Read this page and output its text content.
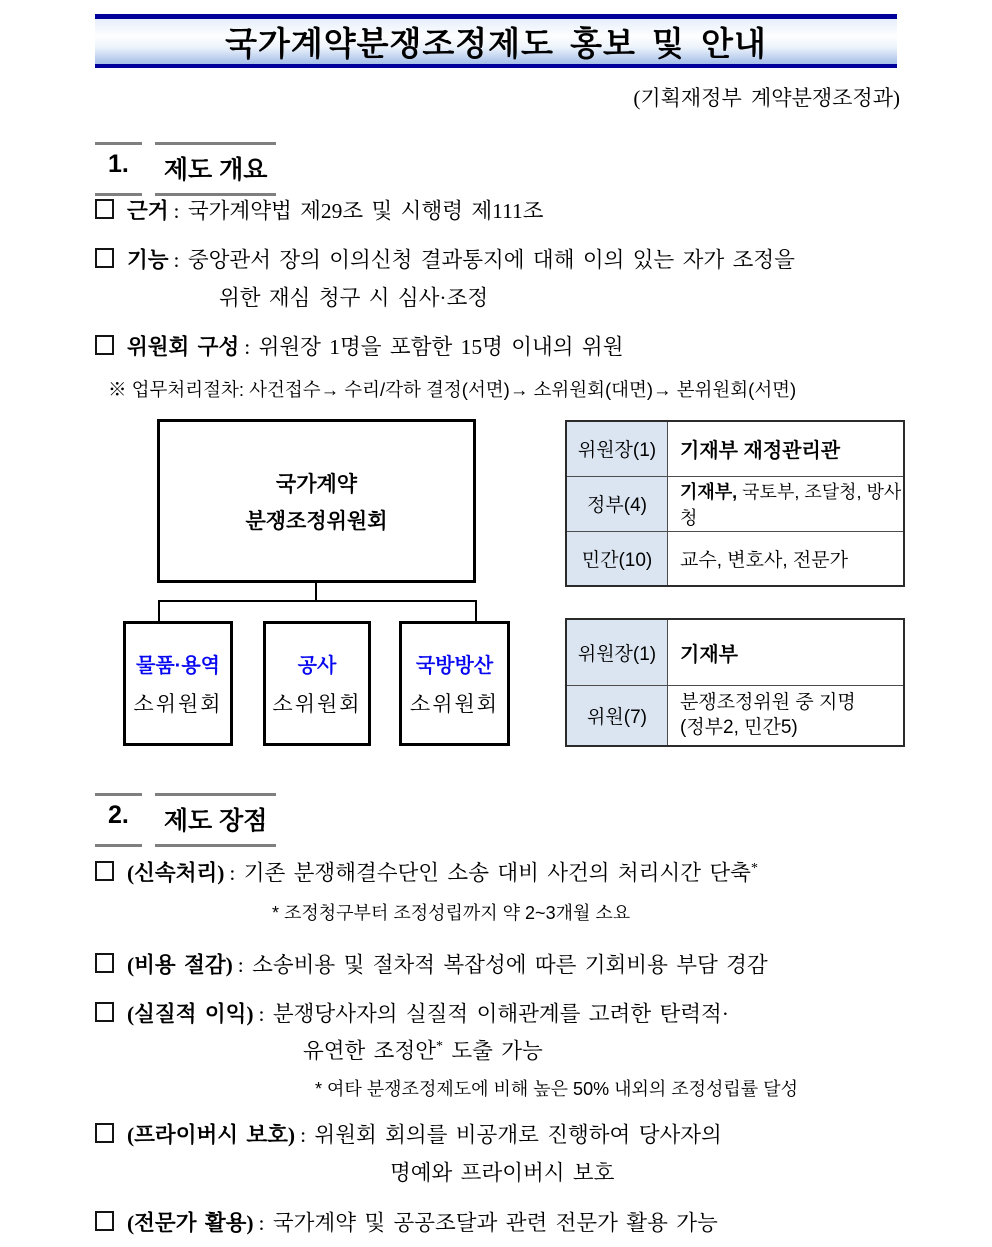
국가계약분쟁조정제도 홍보 및 안내
(기획재정부 계약분쟁조정과)
1.	제도 개요
근거 : 국가계약법 제29조 및 시행령 제111조
기능 : 중앙관서 장의 이의신청 결과통지에 대해 이의 있는 자가 조정을
위한 재심 청구 시 심사·조정
위원회 구성 : 위원장 1명을 포함한 15명 이내의 위원
※ 업무처리절차: 사건접수→ 수리/각하 결정(서면)→ 소위원회(대면)→ 본위원회(서면)
국가계약
분쟁조정위원회
물품·용역
소위원회
공사
소위원회
국방방산
소위원회
위원장(1)	기재부 재정관리관
정부(4)	기재부, 국토부, 조달청, 방사청
민간(10)	교수, 변호사, 전문가
위원장(1)	기재부
위원(7)	분쟁조정위원 중 지명
(정부2, 민간5)
2.	제도 장점
(신속처리) : 기존 분쟁해결수단인 소송 대비 사건의 처리시간 단축*
* 조정청구부터 조정성립까지 약 2~3개월 소요
(비용 절감) : 소송비용 및 절차적 복잡성에 따른 기회비용 부담 경감
(실질적 이익) : 분쟁당사자의 실질적 이해관계를 고려한 탄력적·
유연한 조정안* 도출 가능
* 여타 분쟁조정제도에 비해 높은 50% 내외의 조정성립률 달성
(프라이버시 보호) : 위원회 회의를 비공개로 진행하여 당사자의
명예와 프라이버시 보호
(전문가 활용) : 국가계약 및 공공조달과 관련 전문가 활용 가능
